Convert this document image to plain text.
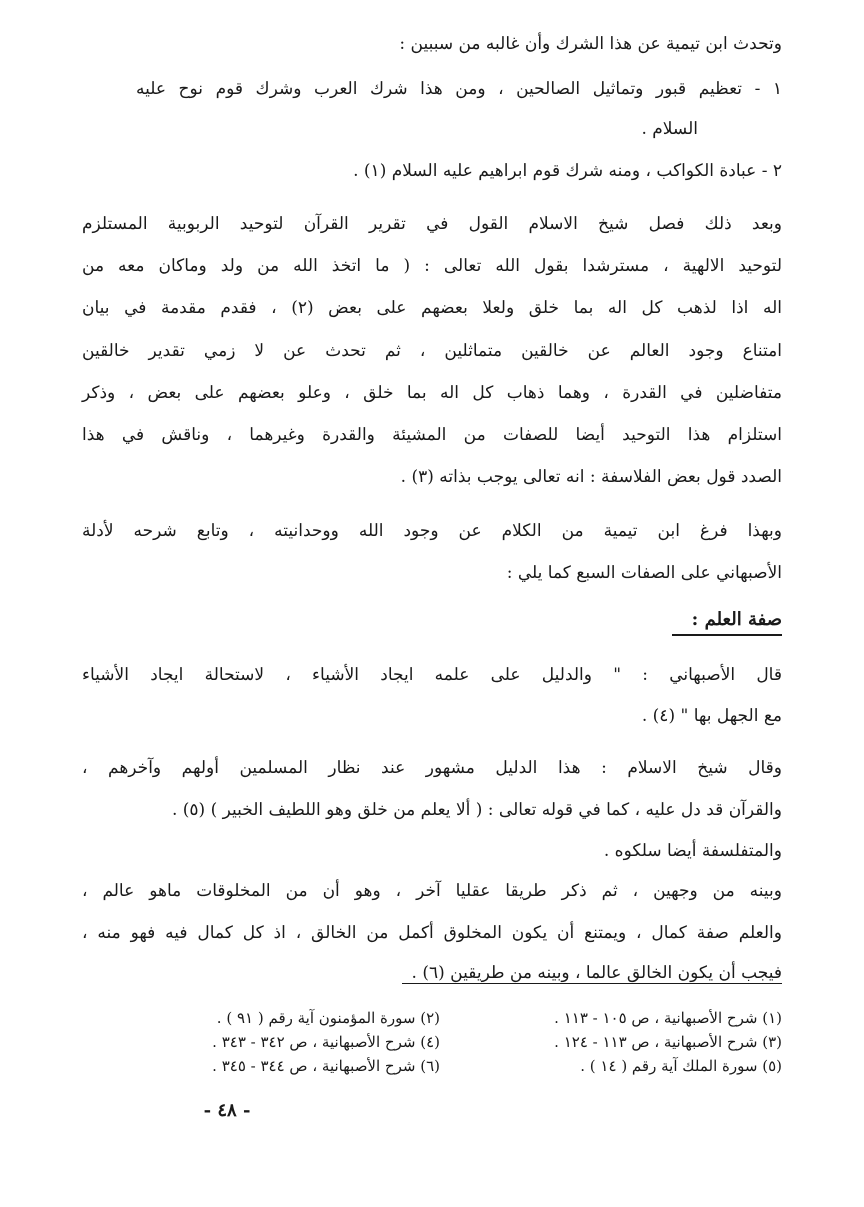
وتحدث ابن تيمية عن هذا الشرك وأن غالبه من سببين :
١ - تعظيم قبور وتماثيل الصالحين ، ومن هذا شرك العرب وشرك قوم نوح عليه
السلام .
٢ - عبادة الكواكب ، ومنه شرك قوم ابراهيم عليه السلام (١) .
وبعد ذلك فصل شيخ الاسلام القول في تقرير القرآن لتوحيد الربوبية المستلزم
لتوحيد الالهية ، مسترشدا بقول الله تعالى : ( ما اتخذ الله من ولد وماكان معه من
اله اذا لذهب كل اله بما خلق ولعلا بعضهم على بعض (٢) ، فقدم مقدمة في بيان
امتناع وجود العالم عن خالقين متماثلين ، ثم تحدث عن لا زمي تقدير خالقين
متفاضلين في القدرة ، وهما ذهاب كل اله بما خلق ، وعلو بعضهم على بعض ، وذكر
استلزام هذا التوحيد أيضا للصفات من المشيئة والقدرة وغيرهما ، وناقش في هذا
الصدد قول بعض الفلاسفة : انه تعالى يوجب بذاته (٣) .
وبهذا فرغ ابن تيمية من الكلام عن وجود الله ووحدانيته ، وتابع شرحه لأدلة
الأصبهاني على الصفات السبع كما يلي :
صفة العلم :
قال الأصبهاني : " والدليل على علمه ايجاد الأشياء ، لاستحالة ايجاد الأشياء
مع الجهل بها " (٤) .
وقال شيخ الاسلام : هذا الدليل مشهور عند نظار المسلمين أولهم وآخرهم ،
والقرآن قد دل عليه ، كما في قوله تعالى : ( ألا يعلم من خلق وهو اللطيف الخبير ) (٥) .
والمتفلسفة أيضا سلكوه .
وبينه من وجهين ، ثم ذكر طريقا عقليا آخر ، وهو أن من المخلوقات ماهو عالم ،
والعلم صفة كمال ، ويمتنع أن يكون المخلوق أكمل من الخالق ، اذ كل كمال فيه فهو منه ،
فيجب أن يكون الخالق عالما ، وبينه من طريقين (٦) .
(١) شرح الأصبهانية ، ص ١٠٥ - ١١٣ .
(٢) سورة المؤمنون آية رقم ( ٩١ ) .
(٣) شرح الأصبهانية ، ص ١١٣ - ١٢٤ .
(٤) شرح الأصبهانية ، ص ٣٤٢ - ٣٤٣ .
(٥) سورة الملك آية رقم ( ١٤ ) .
(٦) شرح الأصبهانية ، ص ٣٤٤ - ٣٤٥ .
- ٤٨ -
